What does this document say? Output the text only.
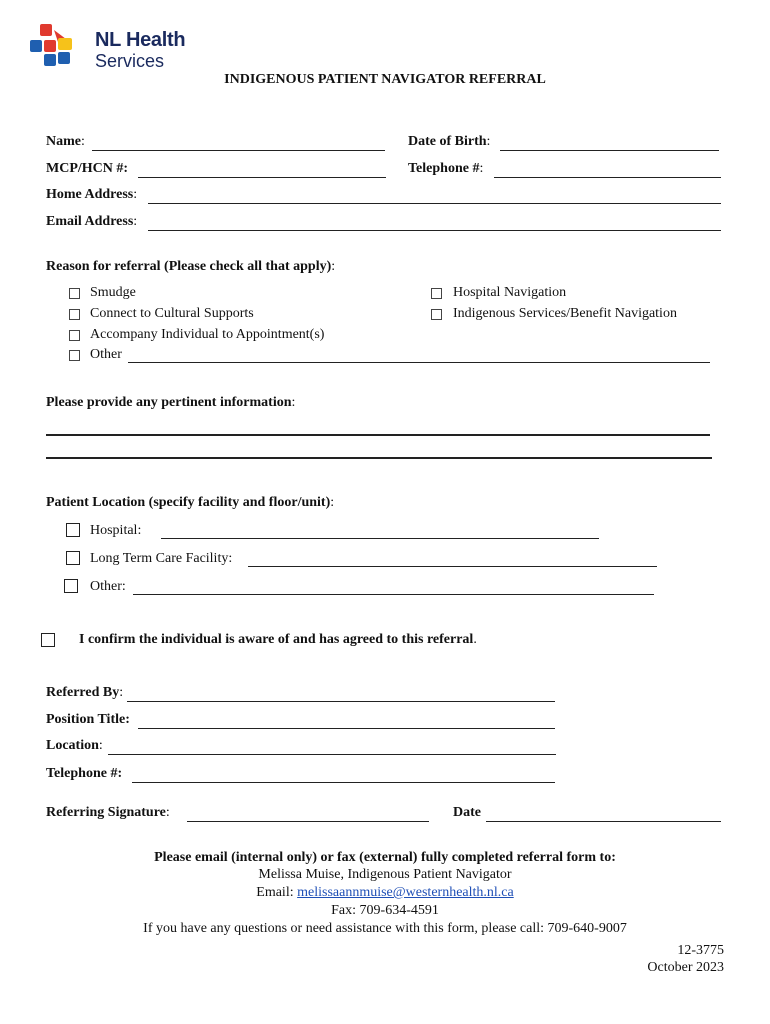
NL Health
Services
INDIGENOUS PATIENT NAVIGATOR REFERRAL
Name:	Date of Birth:
MCP/HCN #:	Telephone #:
Home Address:
Email Address:
Reason for referral (Please check all that apply):
Smudge
Connect to Cultural Supports
Accompany Individual to Appointment(s)
Other
Hospital Navigation
Indigenous Services/Benefit Navigation
Please provide any pertinent information:
Patient Location (specify facility and floor/unit):
Hospital:
Long Term Care Facility:
Other:
I confirm the individual is aware of and has agreed to this referral.
Referred By:
Position Title:
Location:
Telephone #:
Referring Signature:	Date
Please email (internal only) or fax (external) fully completed referral form to:
Melissa Muise, Indigenous Patient Navigator
Email: melissaannmuise@westernhealth.nl.ca
Fax: 709-634-4591
If you have any questions or need assistance with this form, please call: 709-640-9007
12-3775
October 2023
